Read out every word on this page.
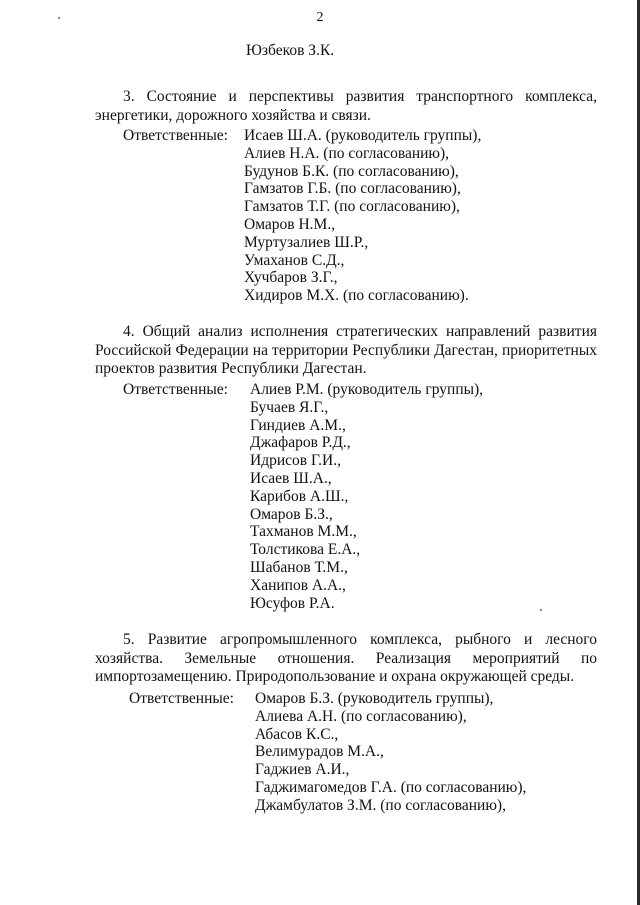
2
Юзбеков З.К.
3. Состояние и перспективы развития транспортного комплекса,
энергетики, дорожного хозяйства и связи.
Ответственные: Исаев Ш.А. (руководитель группы),
Алиев Н.А. (по согласованию),
Будунов Б.К. (по согласованию),
Гамзатов Г.Б. (по согласованию),
Гамзатов Т.Г. (по согласованию),
Омаров Н.М.,
Муртузалиев Ш.Р.,
Умаханов С.Д.,
Хучбаров З.Г.,
Хидиров М.Х. (по согласованию).
4. Общий анализ исполнения стратегических направлений развития
Российской Федерации на территории Республики Дагестан, приоритетных
проектов развития Республики Дагестан.
Ответственные: Алиев Р.М. (руководитель группы),
Бучаев Я.Г.,
Гиндиев А.М.,
Джафаров Р.Д.,
Идрисов Г.И.,
Исаев Ш.А.,
Карибов А.Ш.,
Омаров Б.З.,
Тахманов М.М.,
Толстикова Е.А.,
Шабанов Т.М.,
Ханипов А.А.,
Юсуфов Р.А.
5. Развитие агропромышленного комплекса, рыбного и лесного
хозяйства. Земельные отношения. Реализация мероприятий по
импортозамещению. Природопользование и охрана окружающей среды.
Ответственные: Омаров Б.З. (руководитель группы),
Алиева А.Н. (по согласованию),
Абасов К.С.,
Велимурадов М.А.,
Гаджиев А.И.,
Гаджимагомедов Г.А. (по согласованию),
Джамбулатов З.М. (по согласованию),
